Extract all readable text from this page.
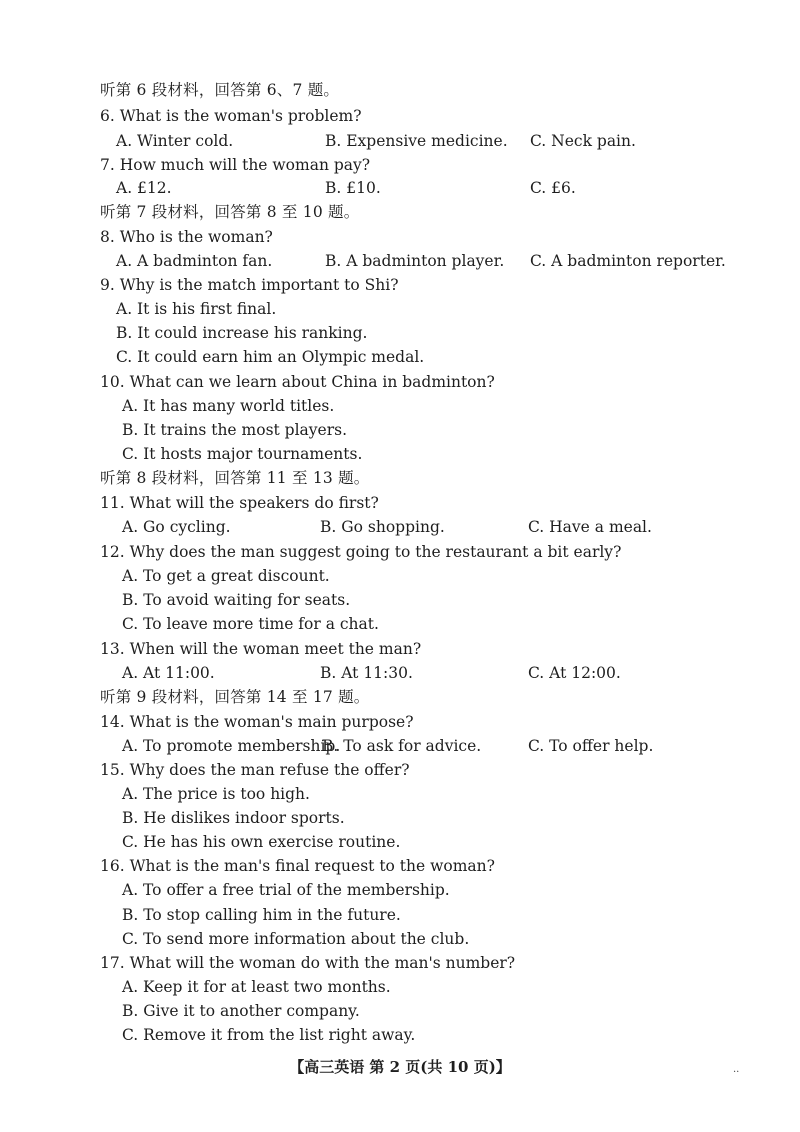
听第 6 段材料，回答第 6、7 题。
6. What is the woman's problem?
A. Winter cold.	B. Expensive medicine. C. Neck pain.
7. How much will the woman pay?
A. £12.	B. £10.	C. £6.
听第 7 段材料，回答第 8 至 10 题。
8. Who is the woman?
A. A badminton fan.	B. A badminton player. C. A badminton reporter.
9. Why is the match important to Shi?
A. It is his first final.
B. It could increase his ranking.
C. It could earn him an Olympic medal.
10. What can we learn about China in badminton?
A. It has many world titles.
B. It trains the most players.
C. It hosts major tournaments.
听第 8 段材料，回答第 11 至 13 题。
11. What will the speakers do first?
A. Go cycling.	B. Go shopping.	C. Have a meal.
12. Why does the man suggest going to the restaurant a bit early?
A. To get a great discount.
B. To avoid waiting for seats.
C. To leave more time for a chat.
13. When will the woman meet the man?
A. At 11:00.	B. At 11:30.	C. At 12:00.
听第 9 段材料，回答第 14 至 17 题。
14. What is the woman's main purpose?
A. To promote membership.
B. To ask for advice.	C. To offer help.
15. Why does the man refuse the offer?
A. The price is too high.
B. He dislikes indoor sports.
C. He has his own exercise routine.
16. What is the man's final request to the woman?
A. To offer a free trial of the membership.
B. To stop calling him in the future.
C. To send more information about the club.
17. What will the woman do with the man's number?
A. Keep it for at least two months.
B. Give it to another company.
C. Remove it from the list right away.
【高三英语 第 2 页(共 10 页)】	..
